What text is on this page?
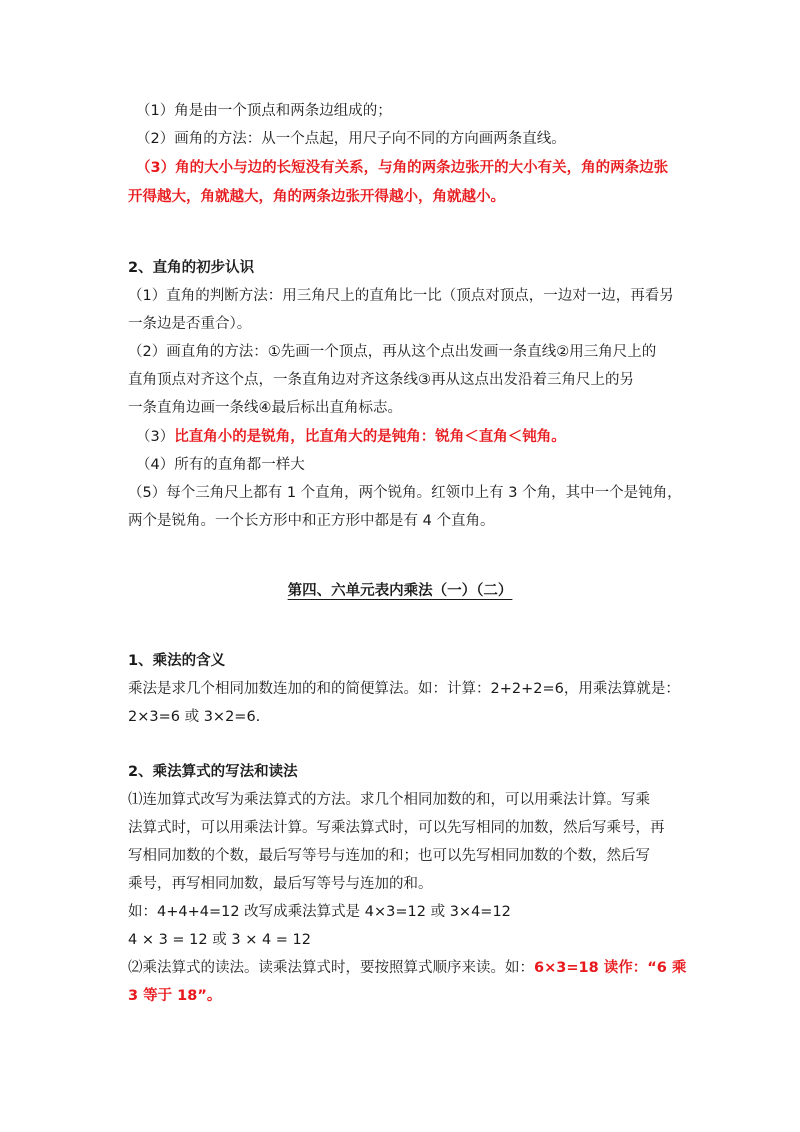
（1）角是由一个顶点和两条边组成的；
（2）画角的方法：从一个点起，用尺子向不同的方向画两条直线。
（3）角的大小与边的长短没有关系，与角的两条边张开的大小有关，角的两条边张
开得越大，角就越大，角的两条边张开得越小，角就越小。
2、直角的初步认识
（1）直角的判断方法：用三角尺上的直角比一比（顶点对顶点，一边对一边，再看另
一条边是否重合）。
（2）画直角的方法：①先画一个顶点，再从这个点出发画一条直线②用三角尺上的
直角顶点对齐这个点，一条直角边对齐这条线③再从这点出发沿着三角尺上的另
一条直角边画一条线④最后标出直角标志。
（3）比直角小的是锐角，比直角大的是钝角：锐角＜直角＜钝角。
（4）所有的直角都一样大
（5）每个三角尺上都有 1 个直角，两个锐角。红领巾上有 3 个角，其中一个是钝角，
两个是锐角。一个长方形中和正方形中都是有 4 个直角。
第四、六单元表内乘法（一）（二）
1、乘法的含义
乘法是求几个相同加数连加的和的简便算法。如：计算：2+2+2=6，用乘法算就是：
2×3=6 或 3×2=6.
2、乘法算式的写法和读法
⑴连加算式改写为乘法算式的方法。求几个相同加数的和，可以用乘法计算。写乘
法算式时，可以用乘法计算。写乘法算式时，可以先写相同的加数，然后写乘号，再
写相同加数的个数，最后写等号与连加的和；也可以先写相同加数的个数，然后写
乘号，再写相同加数，最后写等号与连加的和。
如：4+4+4=12 改写成乘法算式是 4×3=12 或 3×4=12
4 × 3 = 12 或 3 × 4 = 12
⑵乘法算式的读法。读乘法算式时，要按照算式顺序来读。如：6×3=18 读作：“6 乘
3 等于 18”。
